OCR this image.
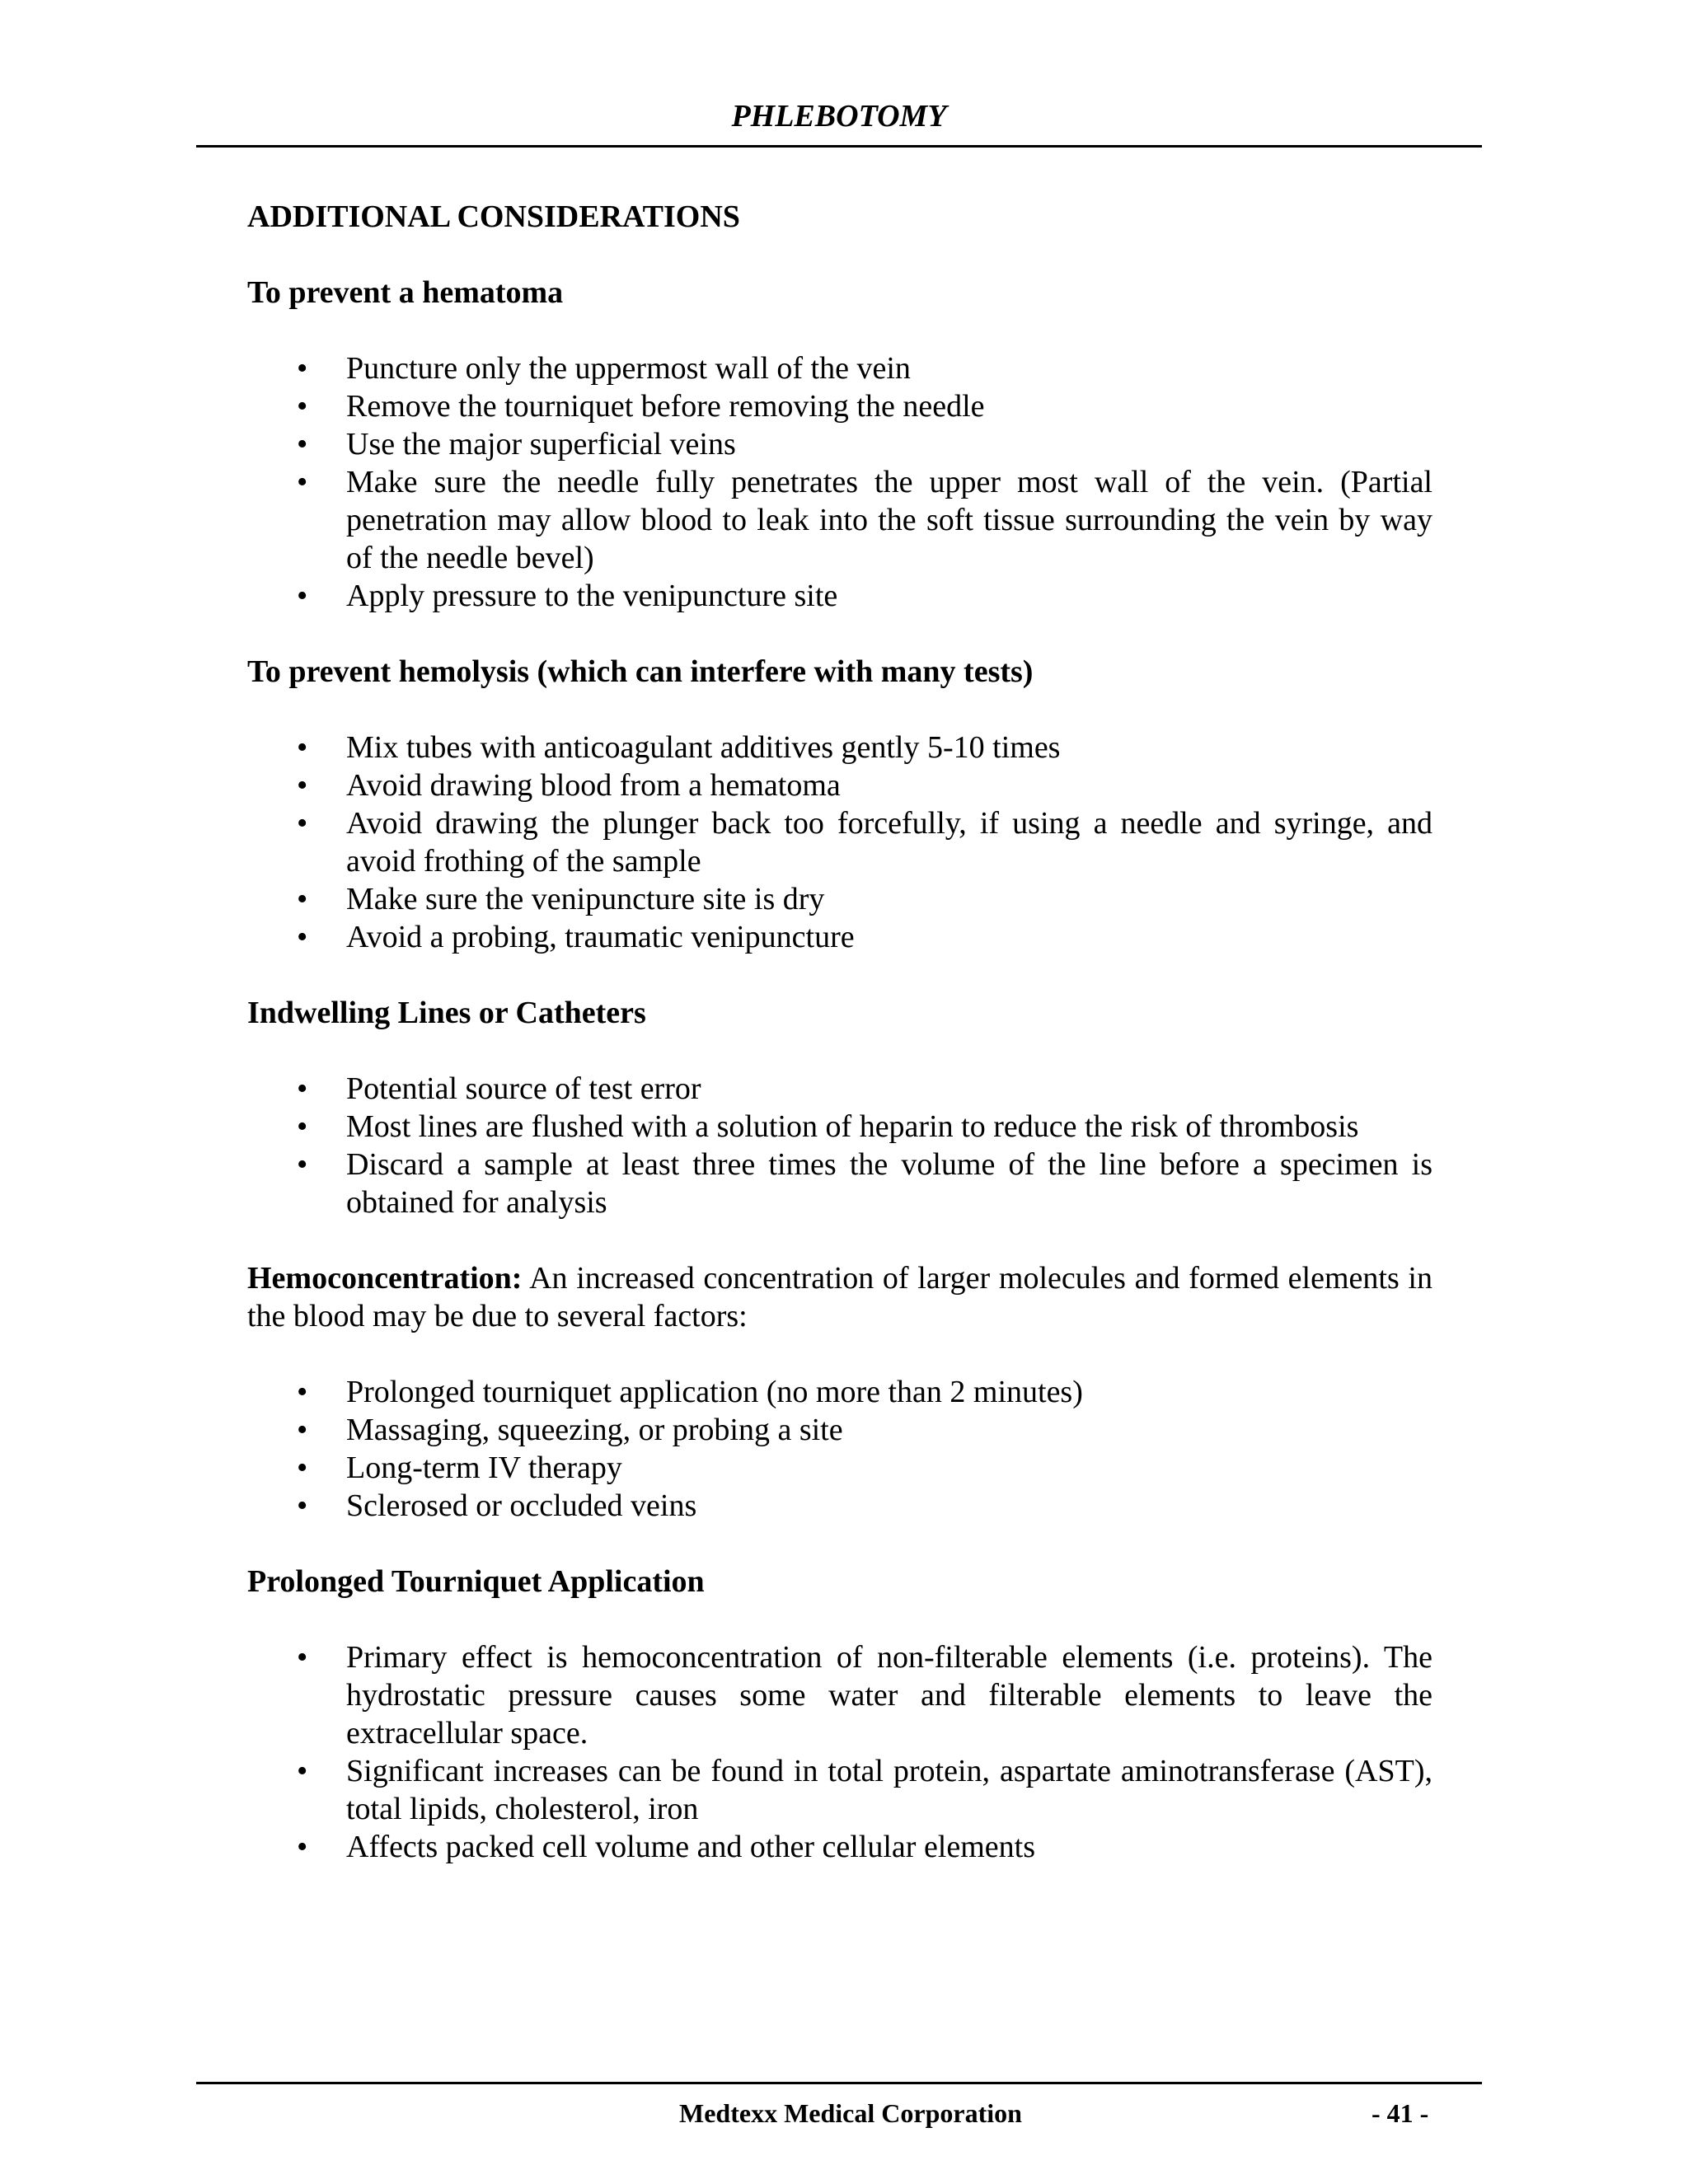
PHLEBOTOMY
ADDITIONAL CONSIDERATIONS
To prevent a hematoma
•	Puncture only the uppermost wall of the vein
•	Remove the tourniquet before removing the needle
•	Use the major superficial veins
•	Make sure the needle fully penetrates the upper most wall of the vein. (Partial penetration may allow blood to leak into the soft tissue surrounding the vein by way of the needle bevel)
•	Apply pressure to the venipuncture site
To prevent hemolysis (which can interfere with many tests)
•	Mix tubes with anticoagulant additives gently 5-10 times
•	Avoid drawing blood from a hematoma
•	Avoid drawing the plunger back too forcefully, if using a needle and syringe, and avoid frothing of the sample
•	Make sure the venipuncture site is dry
•	Avoid a probing, traumatic venipuncture
Indwelling Lines or Catheters
•	Potential source of test error
•	Most lines are flushed with a solution of heparin to reduce the risk of thrombosis
•	Discard a sample at least three times the volume of the line before a specimen is obtained for analysis
Hemoconcentration: An increased concentration of larger molecules and formed elements in the blood may be due to several factors:
•	Prolonged tourniquet application (no more than 2 minutes)
•	Massaging, squeezing, or probing a site
•	Long-term IV therapy
•	Sclerosed or occluded veins
Prolonged Tourniquet Application
•	Primary effect is hemoconcentration of non-filterable elements (i.e. proteins). The hydrostatic pressure causes some water and filterable elements to leave the extracellular space.
•	Significant increases can be found in total protein, aspartate aminotransferase (AST), total lipids, cholesterol, iron
•	Affects packed cell volume and other cellular elements
Medtexx Medical Corporation	- 41 -
